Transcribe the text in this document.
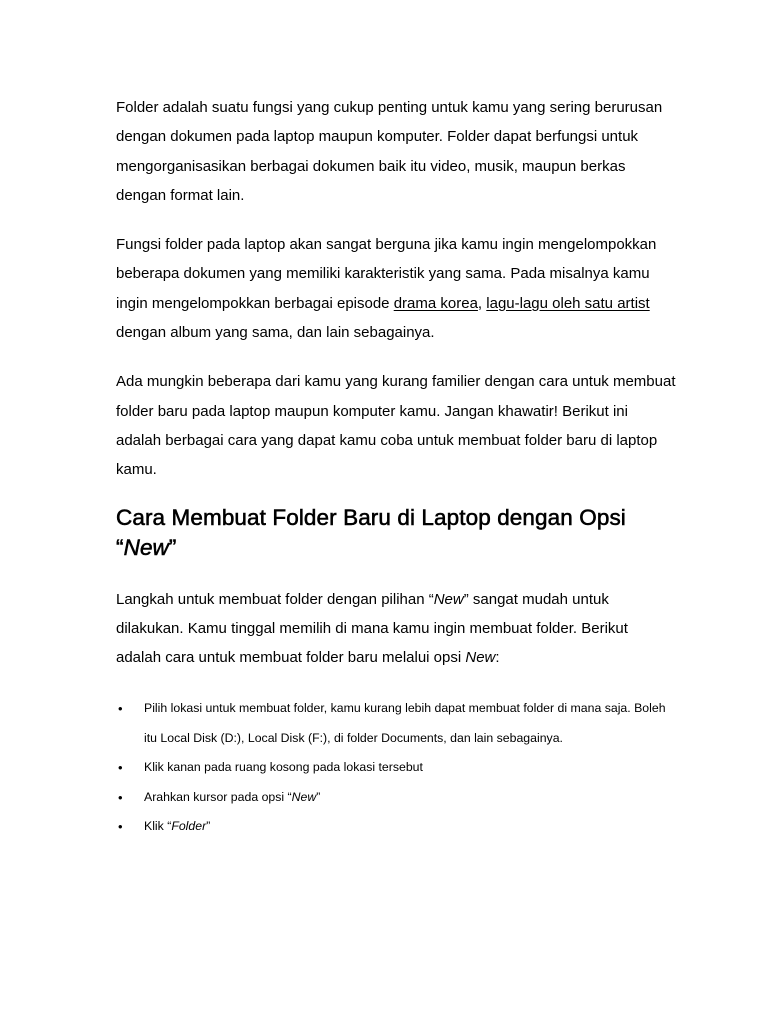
Folder adalah suatu fungsi yang cukup penting untuk kamu yang sering berurusan dengan dokumen pada laptop maupun komputer. Folder dapat berfungsi untuk mengorganisasikan berbagai dokumen baik itu video, musik, maupun berkas dengan format lain.

Fungsi folder pada laptop akan sangat berguna jika kamu ingin mengelompokkan beberapa dokumen yang memiliki karakteristik yang sama. Pada misalnya kamu ingin mengelompokkan berbagai episode drama korea, lagu-lagu oleh satu artist dengan album yang sama, dan lain sebagainya.

Ada mungkin beberapa dari kamu yang kurang familier dengan cara untuk membuat folder baru pada laptop maupun komputer kamu. Jangan khawatir! Berikut ini adalah berbagai cara yang dapat kamu coba untuk membuat folder baru di laptop kamu.

Cara Membuat Folder Baru di Laptop dengan Opsi “New”

Langkah untuk membuat folder dengan pilihan “New” sangat mudah untuk dilakukan. Kamu tinggal memilih di mana kamu ingin membuat folder. Berikut adalah cara untuk membuat folder baru melalui opsi New:

• Pilih lokasi untuk membuat folder, kamu kurang lebih dapat membuat folder di mana saja. Boleh itu Local Disk (D:), Local Disk (F:), di folder Documents, dan lain sebagainya.
• Klik kanan pada ruang kosong pada lokasi tersebut
• Arahkan kursor pada opsi “New”
• Klik “Folder”
